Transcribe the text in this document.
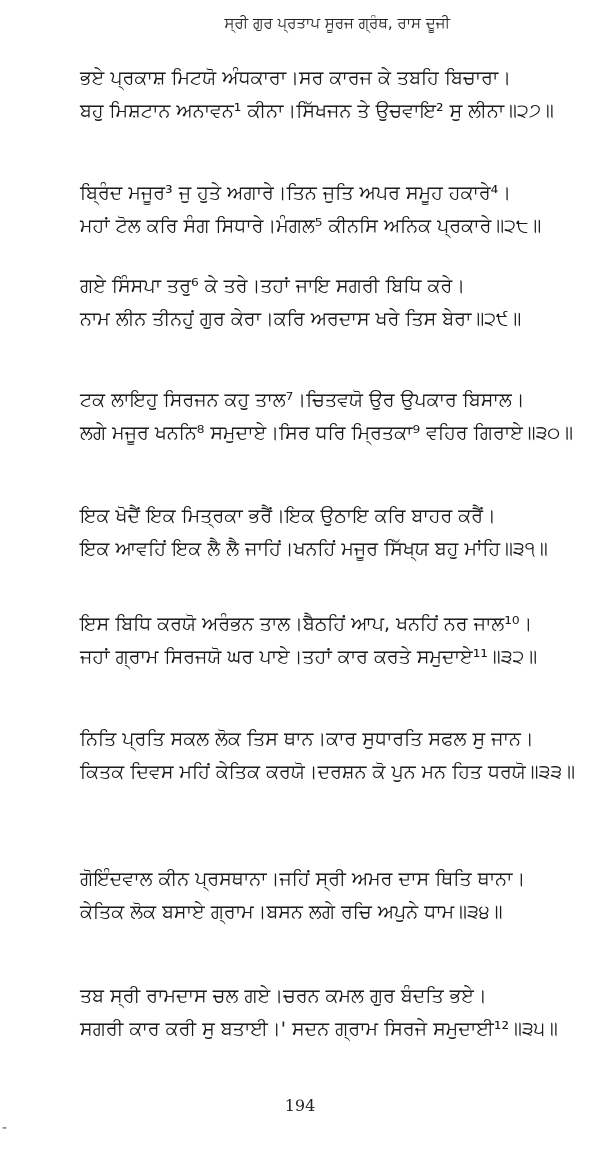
ਸ੍ਰੀ ਗੁਰ ਪ੍ਰਤਾਪ ਸੂਰਜ ਗ੍ਰੰਥ, ਰਾਸ ਦੂਜੀ
ਭਏ ਪ੍ਰਕਾਸ਼ ਮਿਟਯੋ ਅੰਧਕਾਰਾ।ਸਰ ਕਾਰਜ ਕੇ ਤਬਹਿ ਬਿਚਾਰਾ।
ਬਹੁ ਮਿਸ਼ਟਾਨ ਅਨਾਵਨ¹ ਕੀਨਾ।ਸਿੱਖਜਨ ਤੇ ਉਚਵਾਇ² ਸੁ ਲੀਨਾ॥੨੭॥
ਬ੍ਰਿੰਦ ਮਜੂਰ³ ਜੁ ਹੁਤੇ ਅਗਾਰੇ।ਤਿਨ ਜੁਤਿ ਅਪਰ ਸਮੂਹ ਹਕਾਰੇ⁴।
ਮਹਾਂ ਟੋਲ ਕਰਿ ਸੰਗ ਸਿਧਾਰੇ।ਮੰਗਲ⁵ ਕੀਨਸਿ ਅਨਿਕ ਪ੍ਰਕਾਰੇ॥੨੮॥
ਗਏ ਸਿੰਸਪਾ ਤਰੁ⁶ ਕੇ ਤਰੇ।ਤਹਾਂ ਜਾਇ ਸਗਰੀ ਬਿਧਿ ਕਰੇ।
ਨਾਮ ਲੀਨ ਤੀਨਹੁਂ ਗੁਰ ਕੇਰਾ।ਕਰਿ ਅਰਦਾਸ ਖਰੇ ਤਿਸ ਬੇਰਾ॥੨੯॥
ਟਕ ਲਾਇਹੁ ਸਿਰਜਨ ਕਹੁ ਤਾਲ⁷।ਚਿਤਵਯੋ ਉਰ ਉਪਕਾਰ ਬਿਸਾਲ।
ਲਗੇ ਮਜੂਰ ਖਨਨਿ⁸ ਸਮੁਦਾਏ।ਸਿਰ ਧਰਿ ਮ੍ਰਿਤਕਾ⁹ ਵਹਿਰ ਗਿਰਾਏ॥੩੦॥
ਇਕ ਖੋਦੈਂ ਇਕ ਮਿਤ੍ਰਕਾ ਭਰੈਂ।ਇਕ ਉਠਾਇ ਕਰਿ ਬਾਹਰ ਕਰੈਂ।
ਇਕ ਆਵਹਿਂ ਇਕ ਲੈ ਲੈ ਜਾਹਿਂ।ਖਨਹਿਂ ਮਜੂਰ ਸਿੱਖ੍ਯ ਬਹੁ ਮਾਂਹਿ॥੩੧॥
ਇਸ ਬਿਧਿ ਕਰਯੋ ਅਰੰਭਨ ਤਾਲ।ਬੈਠਹਿਂ ਆਪ, ਖਨਹਿਂ ਨਰ ਜਾਲ¹⁰।
ਜਹਾਂ ਗ੍ਰਾਮ ਸਿਰਜਯੋ ਘਰ ਪਾਏ।ਤਹਾਂ ਕਾਰ ਕਰਤੇ ਸਮੁਦਾਏ¹¹॥੩੨॥
ਨਿਤਿ ਪ੍ਰਤਿ ਸਕਲ ਲੋਕ ਤਿਸ ਥਾਨ।ਕਾਰ ਸੁਧਾਰਤਿ ਸਫਲ ਸੁ ਜਾਨ।
ਕਿਤਕ ਦਿਵਸ ਮਹਿਂ ਕੇਤਿਕ ਕਰਯੋ।ਦਰਸ਼ਨ ਕੋ ਪੁਨ ਮਨ ਹਿਤ ਧਰਯੋ॥੩੩॥
ਗੋਇੰਦਵਾਲ ਕੀਨ ਪ੍ਰਸਥਾਨਾ।ਜਹਿਂ ਸ੍ਰੀ ਅਮਰ ਦਾਸ ਥਿਤਿ ਥਾਨਾ।
ਕੇਤਿਕ ਲੋਕ ਬਸਾਏ ਗ੍ਰਾਮ।ਬਸਨ ਲਗੇ ਰਚਿ ਅਪੁਨੇ ਧਾਮ॥੩੪॥
ਤਬ ਸ੍ਰੀ ਰਾਮਦਾਸ ਚਲ ਗਏ।ਚਰਨ ਕਮਲ ਗੁਰ ਬੰਦਤਿ ਭਏ।
ਸਗਰੀ ਕਾਰ ਕਰੀ ਸੁ ਬਤਾਈ।' ਸਦਨ ਗ੍ਰਾਮ ਸਿਰਜੇ ਸਮੁਦਾਈ¹²॥੩੫॥
194
-
